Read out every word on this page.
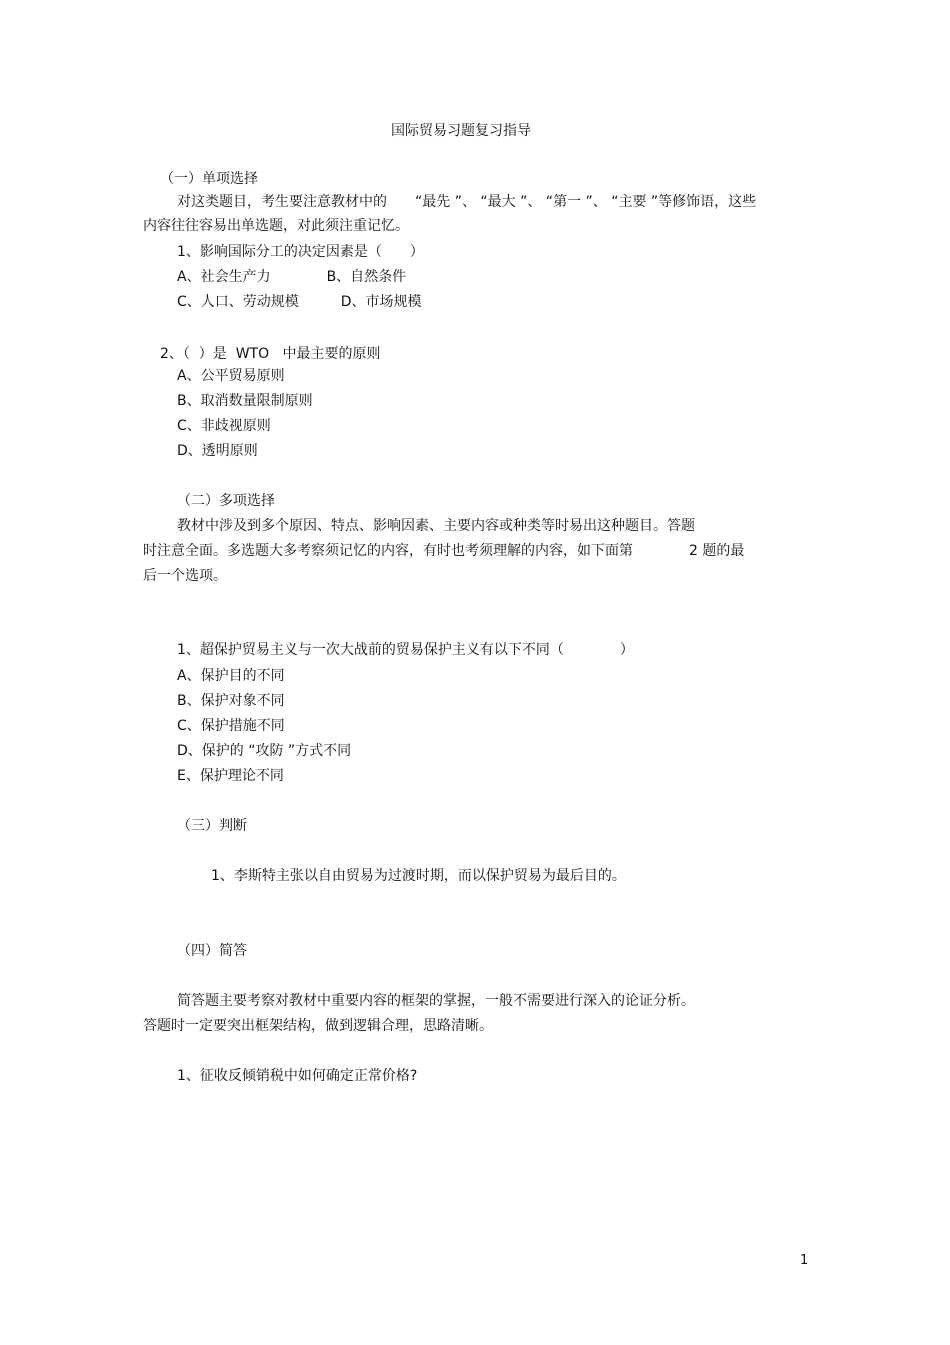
国际贸易习题复习指导
（一）单项选择
对这类题目，考生要注意教材中的　　“最先 ”、 “最大 ”、 “第一 ”、 “主要 ”等修饰语，这些
内容往往容易出单选题，对此须注重记忆。
1、影响国际分工的决定因素是（　　）
A、社会生产力　　　　B、自然条件
C、人口、劳动规模　　　D、市场规模
2、（  ）是  WTO   中最主要的原则
A、公平贸易原则
B、取消数量限制原则
C、非歧视原则
D、透明原则
（二）多项选择
教材中涉及到多个原因、特点、影响因素、主要内容或种类等时易出这种题目。答题
时注意全面。多选题大多考察须记忆的内容，有时也考须理解的内容，如下面第　　　　2 题的最
后一个选项。
1、超保护贸易主义与一次大战前的贸易保护主义有以下不同（　　　　）
A、保护目的不同
B、保护对象不同
C、保护措施不同
D、保护的 “攻防 ”方式不同
E、保护理论不同
（三）判断
1、李斯特主张以自由贸易为过渡时期，而以保护贸易为最后目的。
（四）简答
简答题主要考察对教材中重要内容的框架的掌握，一般不需要进行深入的论证分析。
答题时一定要突出框架结构，做到逻辑合理，思路清晰。
1、征收反倾销税中如何确定正常价格?
1
